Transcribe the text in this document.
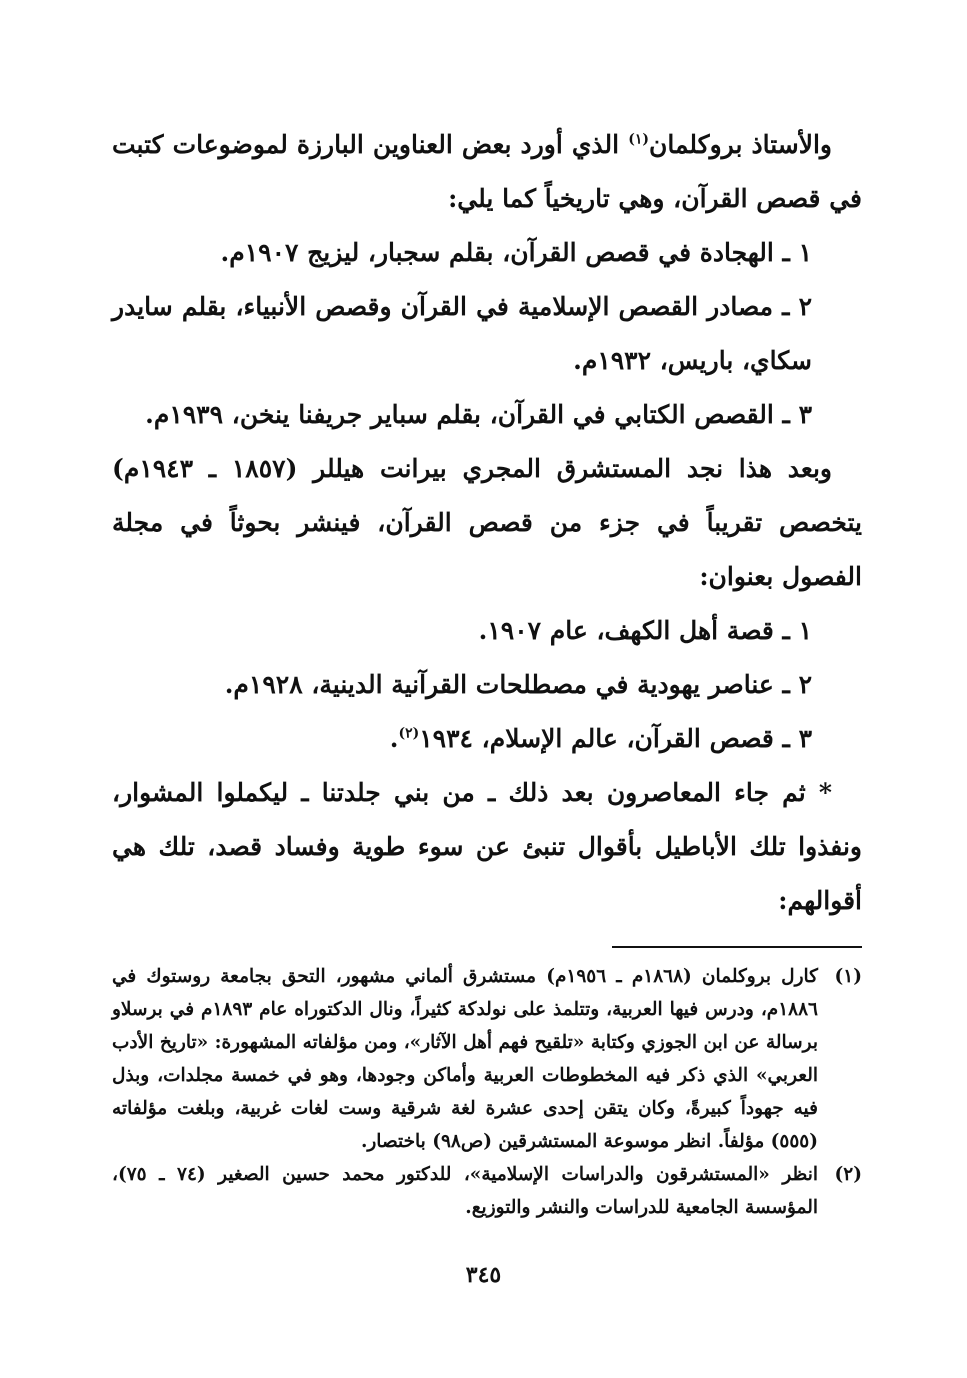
والأستاذ بروكلمان$^{(١)}$ الذي أورد بعض العناوين البارزة لموضوعات كتبت في قصص القرآن، وهي تاريخياً كما يلي:

١ ـ الهجادة في قصص القرآن، بقلم سجبار، ليزيج ١٩٠٧م.

٢ ـ مصادر القصص الإسلامية في القرآن وقصص الأنبياء، بقلم سايدر سكاي، باريس، ١٩٣٢م.

٣ ـ القصص الكتابي في القرآن، بقلم سباير جريفنا ينخن، ١٩٣٩م.

وبعد هذا نجد المستشرق المجري بيرانت هيللر (١٨٥٧ ـ ١٩٤٣م) يتخصص تقريباً في جزء من قصص القرآن، فينشر بحوثاً في مجلة الفصول بعنوان:

١ ـ قصة أهل الكهف، عام ١٩٠٧.

٢ ـ عناصر يهودية في مصطلحات القرآنية الدينية، ١٩٢٨م.

٣ ـ قصص القرآن، عالم الإسلام، ١٩٣٤$^{(٢)}$.

* ثم جاء المعاصرون بعد ذلك ـ من بني جلدتنا ـ ليكملوا المشوار، ونفذوا تلك الأباطيل بأقوال تنبئ عن سوء طوية وفساد قصد، تلك هي أقوالهم:

(١)
كارل بروكلمان (١٨٦٨م ـ ١٩٥٦م) مستشرق ألماني مشهور، التحق بجامعة روستوك في ١٨٨٦م، ودرس فيها العربية، وتتلمذ على نولدكة كثيراً، ونال الدكتوراه عام ١٨٩٣م في برسلاو برسالة عن ابن الجوزي وكتابة «تلقيح فهم أهل الآثار»، ومن مؤلفاته المشهورة: «تاريخ الأدب العربي» الذي ذكر فيه المخطوطات العربية وأماكن وجودها، وهو في خمسة مجلدات، وبذل فيه جهوداً كبيرةً، وكان يتقن إحدى عشرة لغة شرقية وست لغات غربية، وبلغت مؤلفاته (٥٥٥) مؤلفاً. انظر موسوعة المستشرقين (ص٩٨) باختصار.
(٢)
انظر «المستشرقون والدراسات الإسلامية»، للدكتور محمد حسين الصغير (٧٤ ـ ٧٥)، المؤسسة الجامعية للدراسات والنشر والتوزيع.
٣٤٥
